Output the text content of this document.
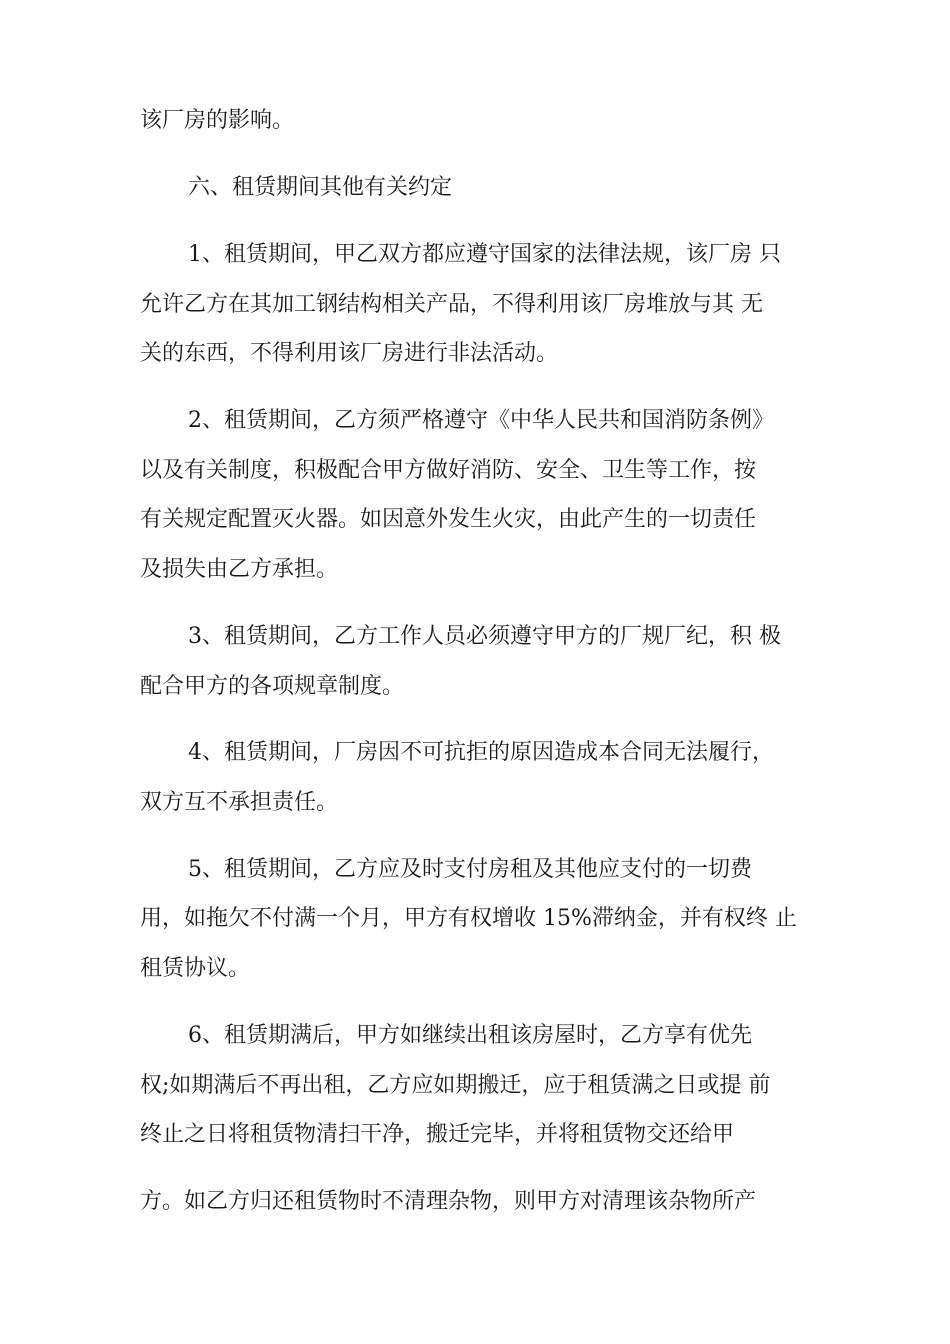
该厂房的影响。
六、租赁期间其他有关约定
1、租赁期间，甲乙双方都应遵守国家的法律法规，该厂房 只
允许乙方在其加工钢结构相关产品，不得利用该厂房堆放与其 无
关的东西，不得利用该厂房进行非法活动。
2、租赁期间，乙方须严格遵守《中华人民共和国消防条例》
以及有关制度，积极配合甲方做好消防、安全、卫生等工作，按
有关规定配置灭火器。如因意外发生火灾，由此产生的一切责任
及损失由乙方承担。
3、租赁期间，乙方工作人员必须遵守甲方的厂规厂纪，积 极
配合甲方的各项规章制度。
4、租赁期间，厂房因不可抗拒的原因造成本合同无法履行，
双方互不承担责任。
5、租赁期间，乙方应及时支付房租及其他应支付的一切费
用，如拖欠不付满一个月，甲方有权增收 15%滞纳金，并有权终 止
租赁协议。
6、租赁期满后，甲方如继续出租该房屋时，乙方享有优先
权;如期满后不再出租，乙方应如期搬迁，应于租赁满之日或提 前
终止之日将租赁物清扫干净，搬迁完毕，并将租赁物交还给甲
方。如乙方归还租赁物时不清理杂物，则甲方对清理该杂物所产
